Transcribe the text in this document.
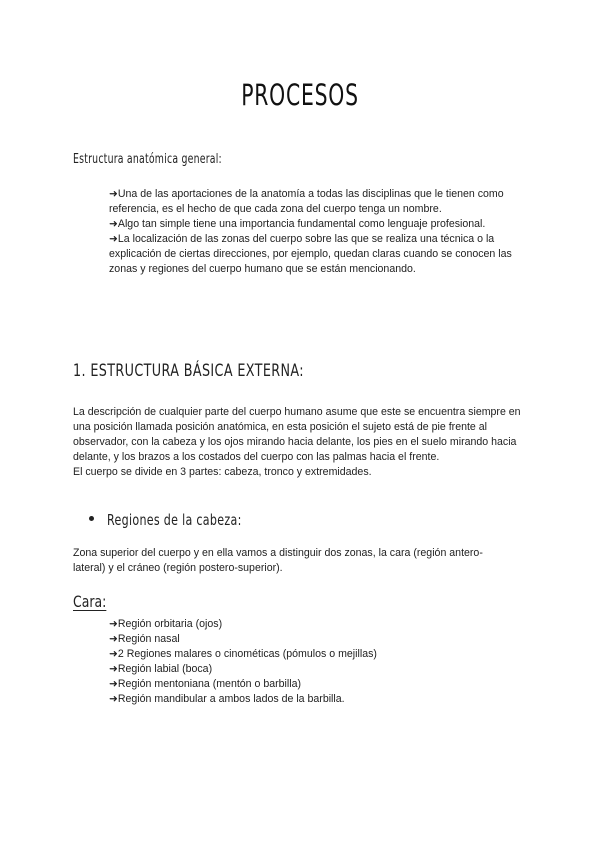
PROCESOS
Estructura anatómica general:
➜Una de las aportaciones de la anatomía a todas las disciplinas que le tienen como referencia, es el hecho de que cada zona del cuerpo tenga un nombre.
➜Algo tan simple tiene una importancia fundamental como lenguaje profesional.
➜La localización de las zonas del cuerpo sobre las que se realiza una técnica o la explicación de ciertas direcciones, por ejemplo, quedan claras cuando se conocen las zonas y regiones del cuerpo humano que se están mencionando.
1. ESTRUCTURA BÁSICA EXTERNA:

La descripción de cualquier parte del cuerpo humano asume que este se encuentra siempre en una posición llamada posición anatómica, en esta posición el sujeto está de pie frente al observador, con la cabeza y los ojos mirando hacia delante, los pies en el suelo mirando hacia delante, y los brazos a los costados del cuerpo con las palmas hacia el frente.
El cuerpo se divide en 3 partes: cabeza, tronco y extremidades.

Regiones de la cabeza:

Zona superior del cuerpo y en ella vamos a distinguir dos zonas, la cara (región antero-lateral) y el cráneo (región postero-superior).

Cara:
➜Región orbitaria (ojos)
➜Región nasal
➜2 Regiones malares o cinométicas (pómulos o mejillas)
➜Región labial (boca)
➜Región mentoniana (mentón o barbilla)
➜Región mandibular a ambos lados de la barbilla.
